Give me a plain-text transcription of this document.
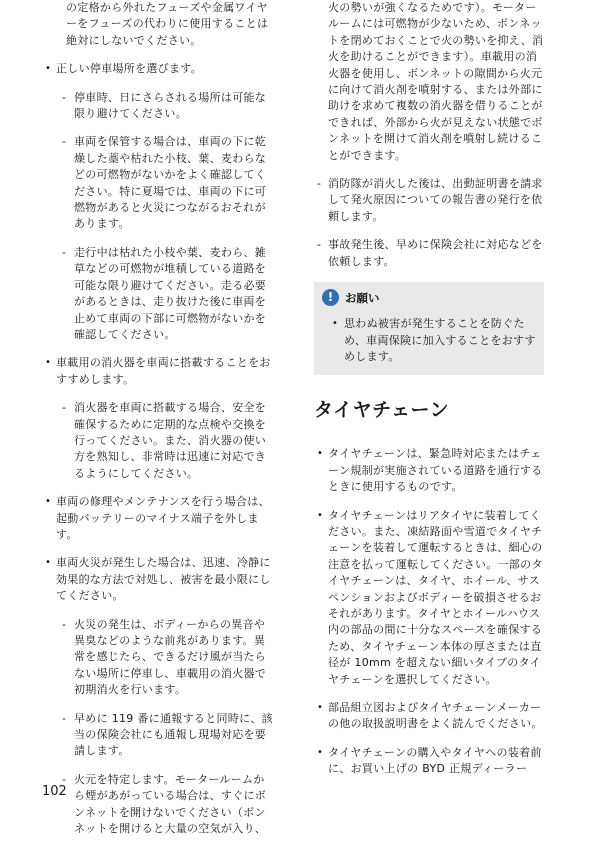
の定格から外れたフューズや金属ワイヤーをフューズの代わりに使用することは絶対にしないでください。

• 正しい停車場所を選びます。

- 停車時、日にさらされる場所は可能な限り避けてください。

- 車両を保管する場合は、車両の下に乾燥した藁や枯れた小枝、葉、麦わらなどの可燃物がないかをよく確認してください。特に夏場では、車両の下に可燃物があると火災につながるおそれがあります。

- 走行中は枯れた小枝や葉、麦わら、雑草などの可燃物が堆積している道路を可能な限り避けてください。走る必要があるときは、走り抜けた後に車両を止めて車両の下部に可燃物がないかを確認してください。

• 車載用の消火器を車両に搭載することをおすすめします。

- 消火器を車両に搭載する場合、安全を確保するために定期的な点検や交換を行ってください。また、消火器の使い方を熟知し、非常時は迅速に対応できるようにしてください。

• 車両の修理やメンテナンスを行う場合は、起動バッテリーのマイナス端子を外します。

• 車両火災が発生した場合は、迅速、冷静に効果的な方法で対処し、被害を最小限にしてください。

- 火災の発生は、ボディーからの異音や異臭などのような前兆があります。異常を感じたら、できるだけ風が当たらない場所に停車し、車載用の消火器で初期消火を行います。

- 早めに 119 番に通報すると同時に、該当の保険会社にも通報し現場対応を要請します。

- 火元を特定します。モータールームから煙があがっている場合は、すぐにボンネットを開けないでください（ボンネットを開けると大量の空気が入り、

火の勢いが強くなるためです）。モータールームには可燃物が少ないため、ボンネットを閉めておくことで火の勢いを抑え、消火を助けることができます）。車載用の消火器を使用し、ボンネットの隙間から火元に向けて消火剤を噴射する、または外部に助けを求めて複数の消火器を借りることができれば、外部から火が見えない状態でボンネットを開けて消火剤を噴射し続けることができます。

- 消防隊が消火した後は、出動証明書を請求して発火原因についての報告書の発行を依頼します。

- 事故発生後、早めに保険会社に対応などを依頼します。

!	お願い

• 思わぬ被害が発生することを防ぐため、車両保険に加入することをおすすめします。

タイヤチェーン

• タイヤチェーンは、緊急時対応またはチェーン規制が実施されている道路を通行するときに使用するものです。

• タイヤチェーンはリアタイヤに装着してください。また、凍結路面や雪道でタイヤチェーンを装着して運転するときは、細心の注意を払って運転してください。一部のタイヤチェーンは、タイヤ、ホイール、サスペンションおよびボディーを破損させるおそれがあります。タイヤとホイールハウス内の部品の間に十分なスペースを確保するため、タイヤチェーン本体の厚さまたは直径が 10mm を超えない細いタイプのタイヤチェーンを選択してください。

• 部品組立図およびタイヤチェーンメーカーの他の取扱説明書をよく読んでください。

• タイヤチェーンの購入やタイヤへの装着前に、お買い上げの BYD 正規ディーラー

102
